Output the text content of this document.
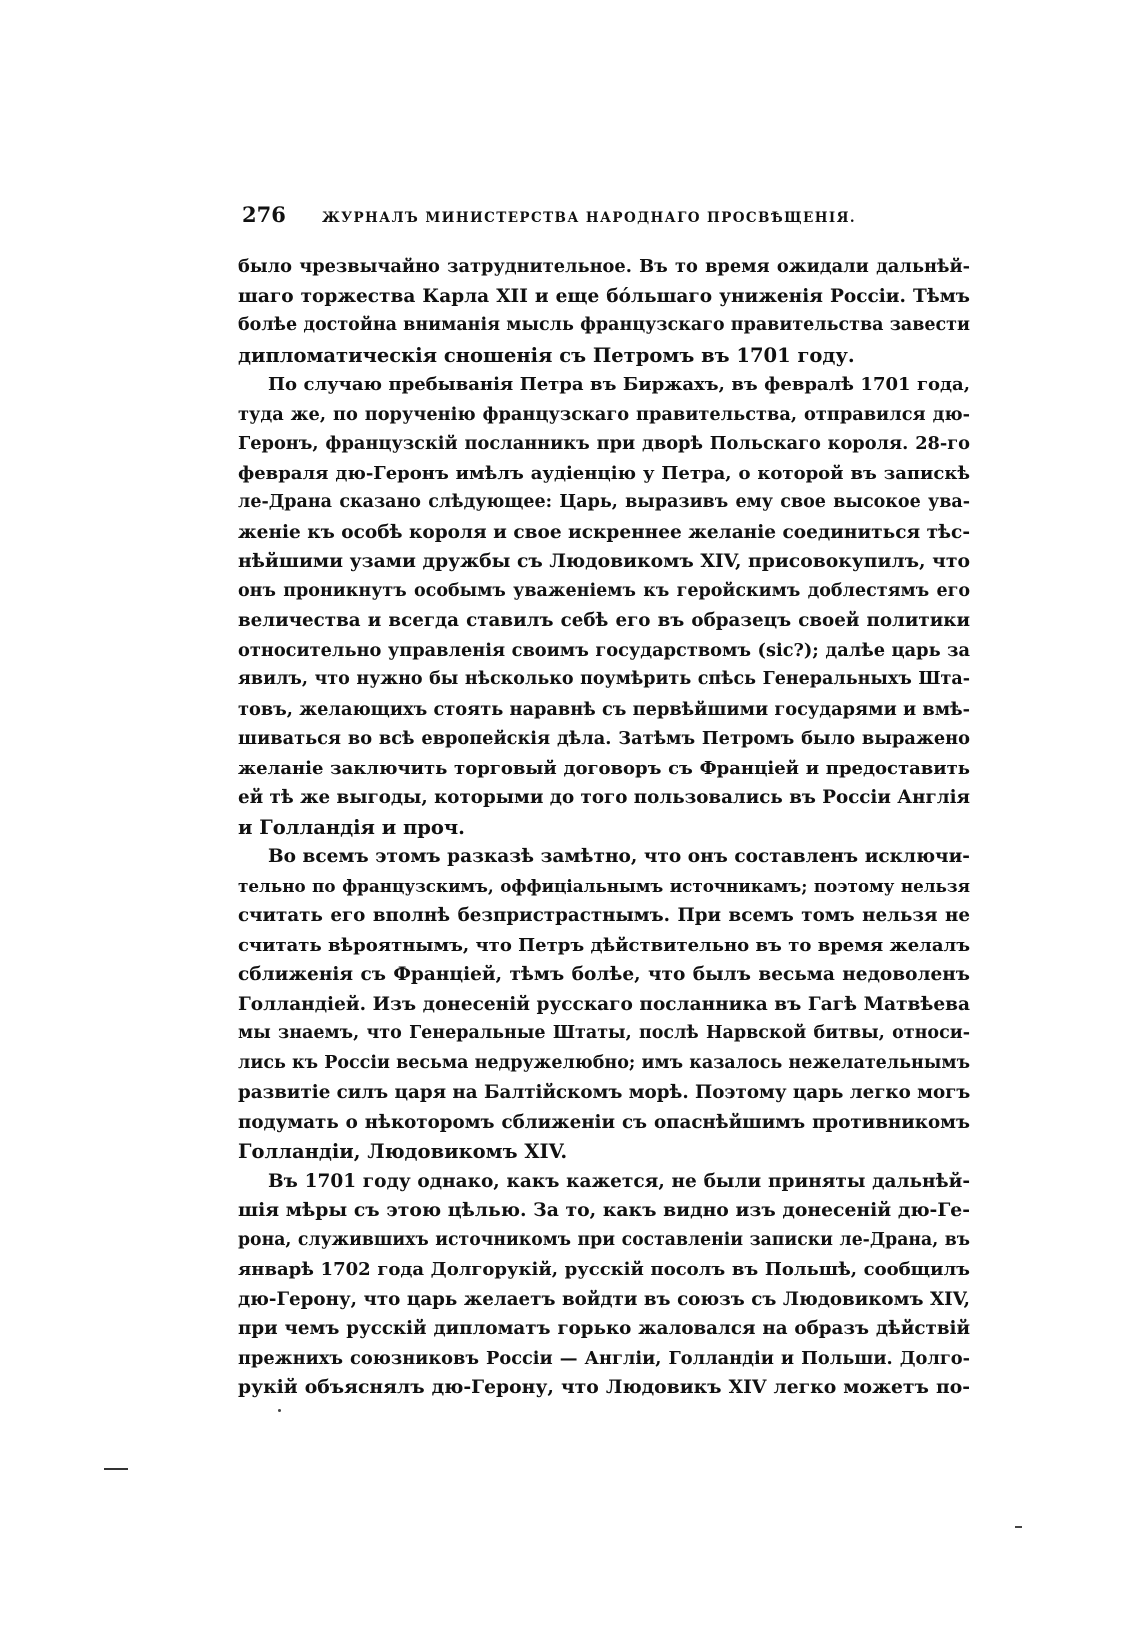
276	ЖУРНАЛЪ МИНИСТЕРСТВА НАРОДНАГО ПРОСВѢЩЕНІЯ.
было чрезвычайно затруднительное. Въ то время ожидали дальнѣй-
шаго торжества Карла XII и еще бóльшаго униженія Россіи. Тѣмъ
болѣе достойна вниманія мысль французскаго правительства завести
дипломатическія сношенія съ Петромъ въ 1701 году.
По случаю пребыванія Петра въ Биржахъ, въ февралѣ 1701 года,
туда же, по порученію французскаго правительства, отправился дю-
Геронъ, французскій посланникъ при дворѣ Польскаго короля. 28-го
февраля дю-Геронъ имѣлъ аудіенцію у Петра, о которой въ запискѣ
ле-Драна сказано слѣдующее: Царь, выразивъ ему свое высокое ува-
женіе къ особѣ короля и свое искреннее желаніе соединиться тѣс-
нѣйшими узами дружбы съ Людовикомъ XIV, присовокупилъ, что
онъ проникнутъ особымъ уваженіемъ къ геройскимъ доблестямъ его
величества и всегда ставилъ себѣ его въ образецъ своей политики
относительно управленія своимъ государствомъ (sic?); далѣе царь за
явилъ, что нужно бы нѣсколько поумѣрить спѣсь Генеральныхъ Шта-
товъ, желающихъ стоять наравнѣ съ первѣйшими государями и вмѣ-
шиваться во всѣ европейскія дѣла. Затѣмъ Петромъ было выражено
желаніе заключить торговый договоръ съ Франціей и предоставить
ей тѣ же выгоды, которыми до того пользовались въ Россіи Англія
и Голландія и проч.
Во всемъ этомъ разказѣ замѣтно, что онъ составленъ исключи-
тельно по французскимъ, оффиціальнымъ источникамъ; поэтому нельзя
считать его вполнѣ безпристрастнымъ. При всемъ томъ нельзя не
считать вѣроятнымъ, что Петръ дѣйствительно въ то время желалъ
сближенія съ Франціей, тѣмъ болѣе, что былъ весьма недоволенъ
Голландіей. Изъ донесеній русскаго посланника въ Гагѣ Матвѣева
мы знаемъ, что Генеральные Штаты, послѣ Нарвской битвы, относи-
лись къ Россіи весьма недружелюбно; имъ казалось нежелательнымъ
развитіе силъ царя на Балтійскомъ морѣ. Поэтому царь легко могъ
подумать о нѣкоторомъ сближеніи съ опаснѣйшимъ противникомъ
Голландіи, Людовикомъ XIV.
Въ 1701 году однако, какъ кажется, не были приняты дальнѣй-
шія мѣры съ этою цѣлью. За то, какъ видно изъ донесеній дю-Ге-
рона, служившихъ источникомъ при составленіи записки ле-Драна, въ
январѣ 1702 года Долгорукій, русскій посолъ въ Польшѣ, сообщилъ
дю-Герону, что царь желаетъ войдти въ союзъ съ Людовикомъ XIV,
при чемъ русскій дипломатъ горько жаловался на образъ дѣйствій
прежнихъ союзниковъ Россіи — Англіи, Голландіи и Польши. Долго-
рукій объяснялъ дю-Герону, что Людовикъ XIV легко можетъ по-
